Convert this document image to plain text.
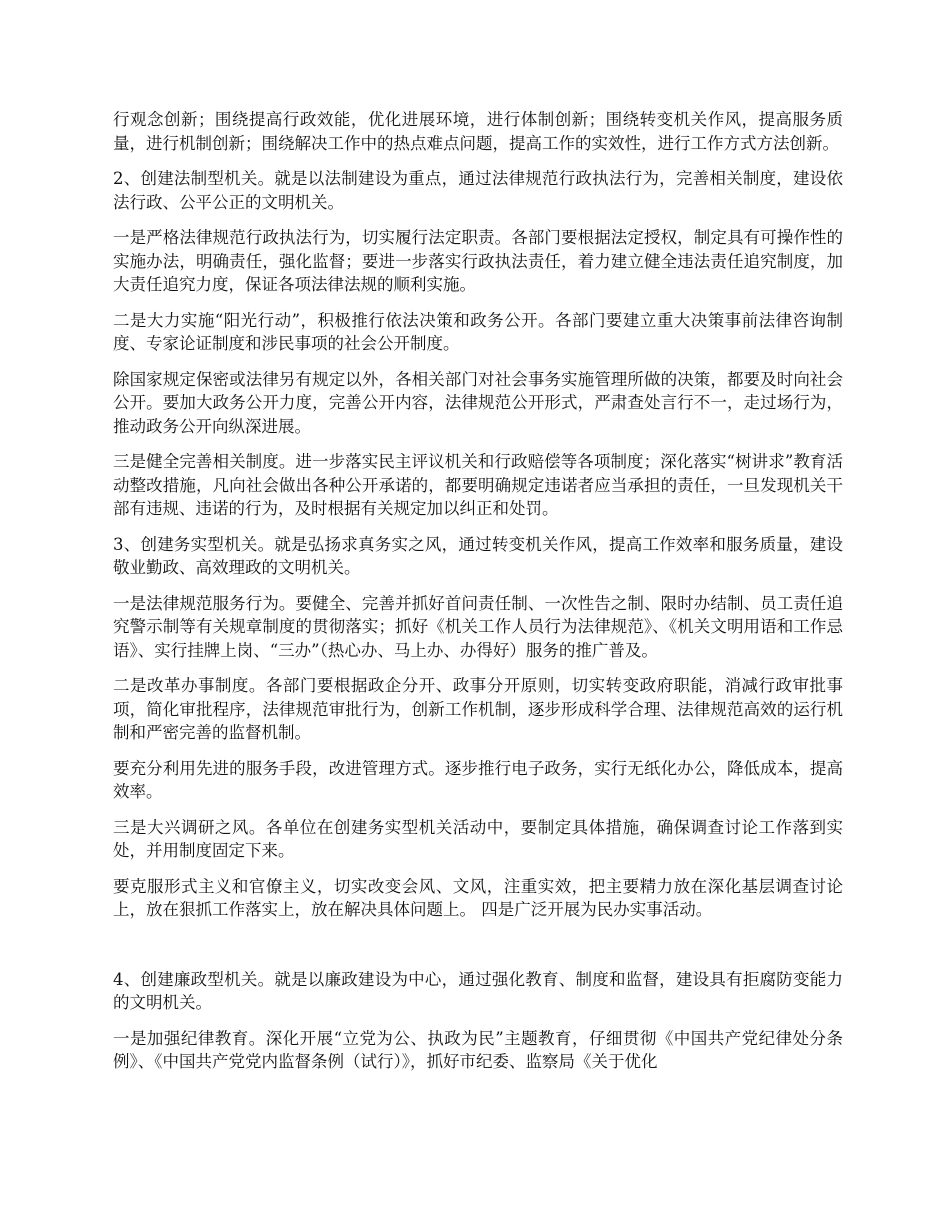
行观念创新；围绕提高行政效能，优化进展环境，进行体制创新；围绕转变机关作风，提高服务质量，进行机制创新；围绕解决工作中的热点难点问题，提高工作的实效性，进行工作方式方法创新。

2、创建法制型机关。就是以法制建设为重点，通过法律规范行政执法行为，完善相关制度，建设依法行政、公平公正的文明机关。

一是严格法律规范行政执法行为，切实履行法定职责。各部门要根据法定授权，制定具有可操作性的实施办法，明确责任，强化监督；要进一步落实行政执法责任，着力建立健全违法责任追究制度，加大责任追究力度，保证各项法律法规的顺利实施。

二是大力实施“阳光行动”，积极推行依法决策和政务公开。各部门要建立重大决策事前法律咨询制度、专家论证制度和涉民事项的社会公开制度。

除国家规定保密或法律另有规定以外，各相关部门对社会事务实施管理所做的决策，都要及时向社会公开。要加大政务公开力度，完善公开内容，法律规范公开形式，严肃查处言行不一，走过场行为，推动政务公开向纵深进展。

三是健全完善相关制度。进一步落实民主评议机关和行政赔偿等各项制度；深化落实“树讲求”教育活动整改措施，凡向社会做出各种公开承诺的，都要明确规定违诺者应当承担的责任，一旦发现机关干部有违规、违诺的行为，及时根据有关规定加以纠正和处罚。

3、创建务实型机关。就是弘扬求真务实之风，通过转变机关作风，提高工作效率和服务质量，建设敬业勤政、高效理政的文明机关。

一是法律规范服务行为。要健全、完善并抓好首问责任制、一次性告之制、限时办结制、员工责任追究警示制等有关规章制度的贯彻落实；抓好《机关工作人员行为法律规范》、《机关文明用语和工作忌语》、实行挂牌上岗、“三办”（热心办、马上办、办得好）服务的推广普及。

二是改革办事制度。各部门要根据政企分开、政事分开原则，切实转变政府职能，消减行政审批事项，简化审批程序，法律规范审批行为，创新工作机制，逐步形成科学合理、法律规范高效的运行机制和严密完善的监督机制。

要充分利用先进的服务手段，改进管理方式。逐步推行电子政务，实行无纸化办公，降低成本，提高效率。

三是大兴调研之风。各单位在创建务实型机关活动中，要制定具体措施，确保调查讨论工作落到实处，并用制度固定下来。

要克服形式主义和官僚主义，切实改变会风、文风，注重实效，把主要精力放在深化基层调查讨论上，放在狠抓工作落实上，放在解决具体问题上。 四是广泛开展为民办实事活动。

4、创建廉政型机关。就是以廉政建设为中心，通过强化教育、制度和监督，建设具有拒腐防变能力的文明机关。

一是加强纪律教育。深化开展“立党为公、执政为民”主题教育，仔细贯彻《中国共产党纪律处分条例》、《中国共产党党内监督条例（试行）》，抓好市纪委、监察局《关于优化
